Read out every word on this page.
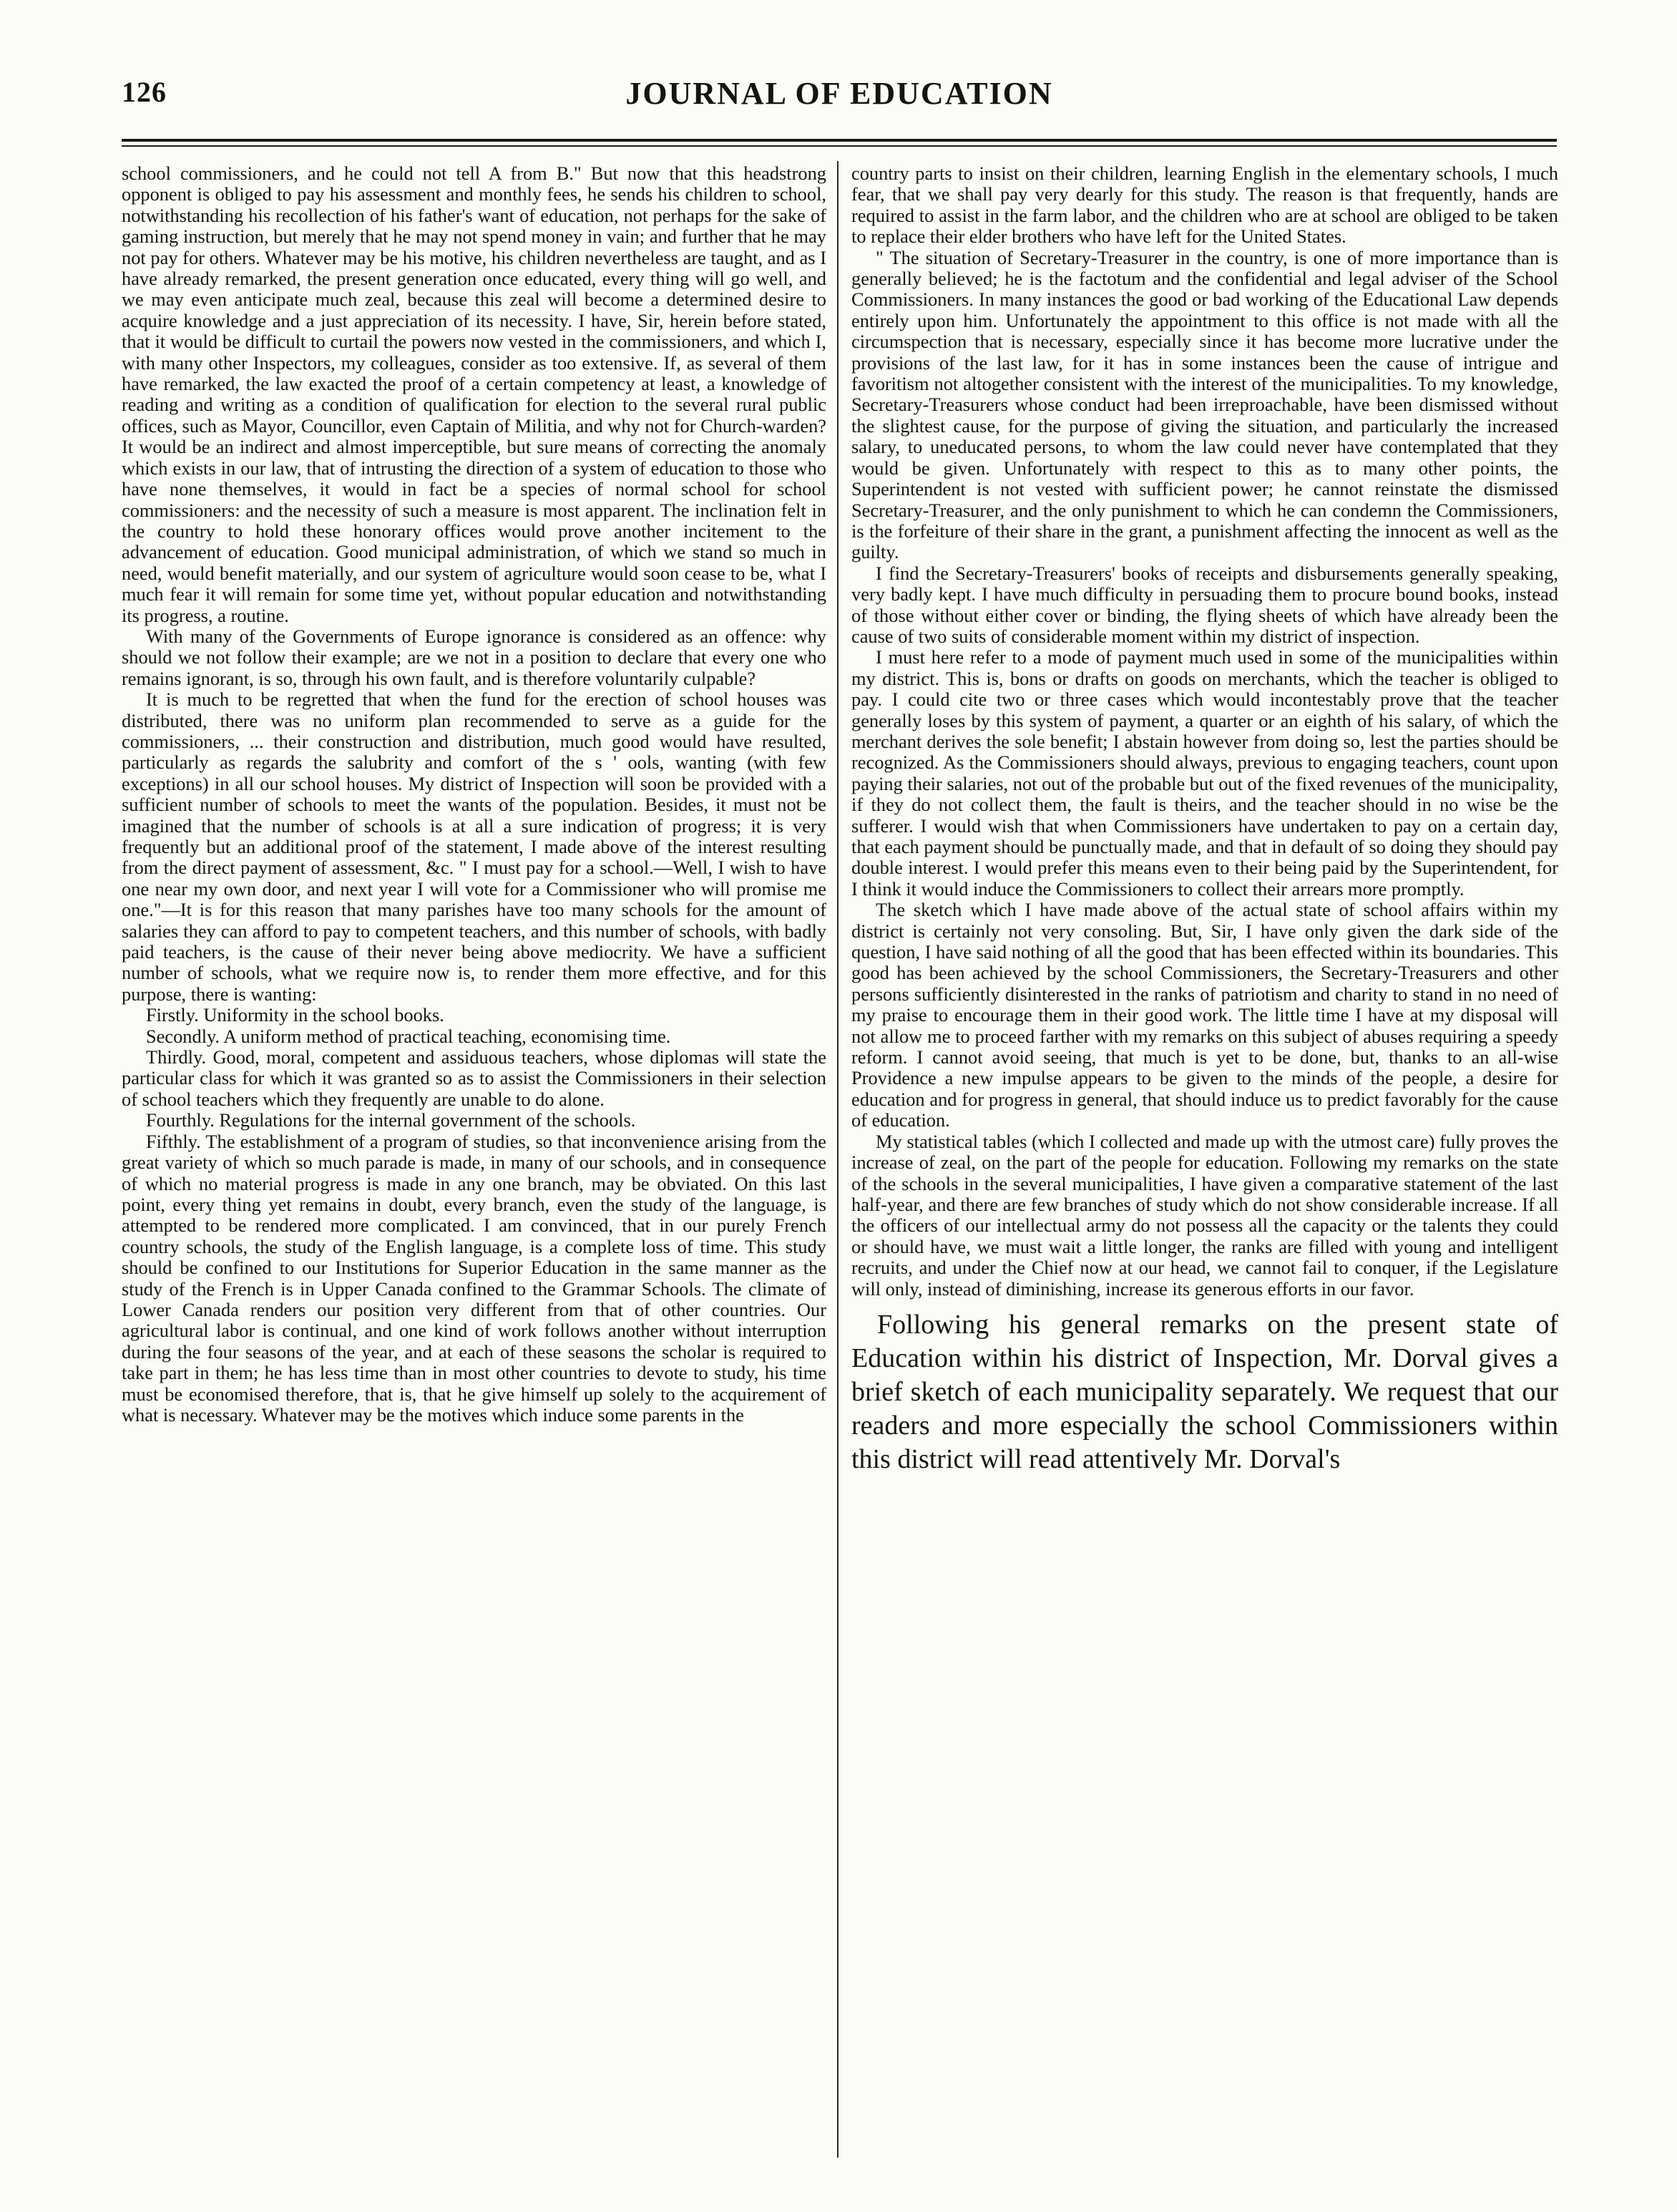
126	JOURNAL OF EDUCATION

school commissioners, and he could not tell A from B." But now that this headstrong opponent is obliged to pay his assessment and monthly fees, he sends his children to school, notwithstanding his recollection of his father's want of education, not perhaps for the sake of gaming instruction, but merely that he may not spend money in vain; and further that he may not pay for others. Whatever may be his motive, his children nevertheless are taught, and as I have already remarked, the present generation once educated, every thing will go well, and we may even anticipate much zeal, because this zeal will become a determined desire to acquire knowledge and a just appreciation of its necessity. I have, Sir, herein before stated, that it would be difficult to curtail the powers now vested in the commissioners, and which I, with many other Inspectors, my colleagues, consider as too extensive. If, as several of them have remarked, the law exacted the proof of a certain competency at least, a knowledge of reading and writing as a condition of qualification for election to the several rural public offices, such as Mayor, Councillor, even Captain of Militia, and why not for Church-warden? It would be an indirect and almost imperceptible, but sure means of correcting the anomaly which exists in our law, that of intrusting the direction of a system of education to those who have none themselves, it would in fact be a species of normal school for school commissioners: and the necessity of such a measure is most apparent. The inclination felt in the country to hold these honorary offices would prove another incitement to the advancement of education. Good municipal administration, of which we stand so much in need, would benefit materially, and our system of agriculture would soon cease to be, what I much fear it will remain for some time yet, without popular education and notwithstanding its progress, a routine.

With many of the Governments of Europe ignorance is considered as an offence: why should we not follow their example; are we not in a position to declare that every one who remains ignorant, is so, through his own fault, and is therefore voluntarily culpable?

It is much to be regretted that when the fund for the erection of school houses was distributed, there was no uniform plan recommended to serve as a guide for the commissioners, ... their construction and distribution, much good would have resulted, particularly as regards the salubrity and comfort of the s ' ools, wanting (with few exceptions) in all our school houses. My district of Inspection will soon be provided with a sufficient number of schools to meet the wants of the population. Besides, it must not be imagined that the number of schools is at all a sure indication of progress; it is very frequently but an additional proof of the statement, I made above of the interest resulting from the direct payment of assessment, &c. " I must pay for a school.—Well, I wish to have one near my own door, and next year I will vote for a Commissioner who will promise me one."—It is for this reason that many parishes have too many schools for the amount of salaries they can afford to pay to competent teachers, and this number of schools, with badly paid teachers, is the cause of their never being above mediocrity. We have a sufficient number of schools, what we require now is, to render them more effective, and for this purpose, there is wanting:

Firstly. Uniformity in the school books.

Secondly. A uniform method of practical teaching, economising time.

Thirdly. Good, moral, competent and assiduous teachers, whose diplomas will state the particular class for which it was granted so as to assist the Commissioners in their selection of school teachers which they frequently are unable to do alone.

Fourthly. Regulations for the internal government of the schools.

Fifthly. The establishment of a program of studies, so that inconvenience arising from the great variety of which so much parade is made, in many of our schools, and in consequence of which no material progress is made in any one branch, may be obviated. On this last point, every thing yet remains in doubt, every branch, even the study of the language, is attempted to be rendered more complicated. I am convinced, that in our purely French country schools, the study of the English language, is a complete loss of time. This study should be confined to our Institutions for Superior Education in the same manner as the study of the French is in Upper Canada confined to the Grammar Schools. The climate of Lower Canada renders our position very different from that of other countries. Our agricultural labor is continual, and one kind of work follows another without interruption during the four seasons of the year, and at each of these seasons the scholar is required to take part in them; he has less time than in most other countries to devote to study, his time must be economised therefore, that is, that he give himself up solely to the acquirement of what is necessary. Whatever may be the motives which induce some parents in the

country parts to insist on their children, learning English in the elementary schools, I much fear, that we shall pay very dearly for this study. The reason is that frequently, hands are required to assist in the farm labor, and the children who are at school are obliged to be taken to replace their elder brothers who have left for the United States.

" The situation of Secretary-Treasurer in the country, is one of more importance than is generally believed; he is the factotum and the confidential and legal adviser of the School Commissioners. In many instances the good or bad working of the Educational Law depends entirely upon him. Unfortunately the appointment to this office is not made with all the circumspection that is necessary, especially since it has become more lucrative under the provisions of the last law, for it has in some instances been the cause of intrigue and favoritism not altogether consistent with the interest of the municipalities. To my knowledge, Secretary-Treasurers whose conduct had been irreproachable, have been dismissed without the slightest cause, for the purpose of giving the situation, and particularly the increased salary, to uneducated persons, to whom the law could never have contemplated that they would be given. Unfortunately with respect to this as to many other points, the Superintendent is not vested with sufficient power; he cannot reinstate the dismissed Secretary-Treasurer, and the only punishment to which he can condemn the Commissioners, is the forfeiture of their share in the grant, a punishment affecting the innocent as well as the guilty.

I find the Secretary-Treasurers' books of receipts and disbursements generally speaking, very badly kept. I have much difficulty in persuading them to procure bound books, instead of those without either cover or binding, the flying sheets of which have already been the cause of two suits of considerable moment within my district of inspection.

I must here refer to a mode of payment much used in some of the municipalities within my district. This is, bons or drafts on goods on merchants, which the teacher is obliged to pay. I could cite two or three cases which would incontestably prove that the teacher generally loses by this system of payment, a quarter or an eighth of his salary, of which the merchant derives the sole benefit; I abstain however from doing so, lest the parties should be recognized. As the Commissioners should always, previous to engaging teachers, count upon paying their salaries, not out of the probable but out of the fixed revenues of the municipality, if they do not collect them, the fault is theirs, and the teacher should in no wise be the sufferer. I would wish that when Commissioners have undertaken to pay on a certain day, that each payment should be punctually made, and that in default of so doing they should pay double interest. I would prefer this means even to their being paid by the Superintendent, for I think it would induce the Commissioners to collect their arrears more promptly.

The sketch which I have made above of the actual state of school affairs within my district is certainly not very consoling. But, Sir, I have only given the dark side of the question, I have said nothing of all the good that has been effected within its boundaries. This good has been achieved by the school Commissioners, the Secretary-Treasurers and other persons sufficiently disinterested in the ranks of patriotism and charity to stand in no need of my praise to encourage them in their good work. The little time I have at my disposal will not allow me to proceed farther with my remarks on this subject of abuses requiring a speedy reform. I cannot avoid seeing, that much is yet to be done, but, thanks to an all-wise Providence a new impulse appears to be given to the minds of the people, a desire for education and for progress in general, that should induce us to predict favorably for the cause of education.

My statistical tables (which I collected and made up with the utmost care) fully proves the increase of zeal, on the part of the people for education. Following my remarks on the state of the schools in the several municipalities, I have given a comparative statement of the last half-year, and there are few branches of study which do not show considerable increase. If all the officers of our intellectual army do not possess all the capacity or the talents they could or should have, we must wait a little longer, the ranks are filled with young and intelligent recruits, and under the Chief now at our head, we cannot fail to conquer, if the Legislature will only, instead of diminishing, increase its generous efforts in our favor.

Following his general remarks on the present state of Education within his district of Inspection, Mr. Dorval gives a brief sketch of each municipality separately. We request that our readers and more especially the school Commissioners within this district will read attentively Mr. Dorval's
